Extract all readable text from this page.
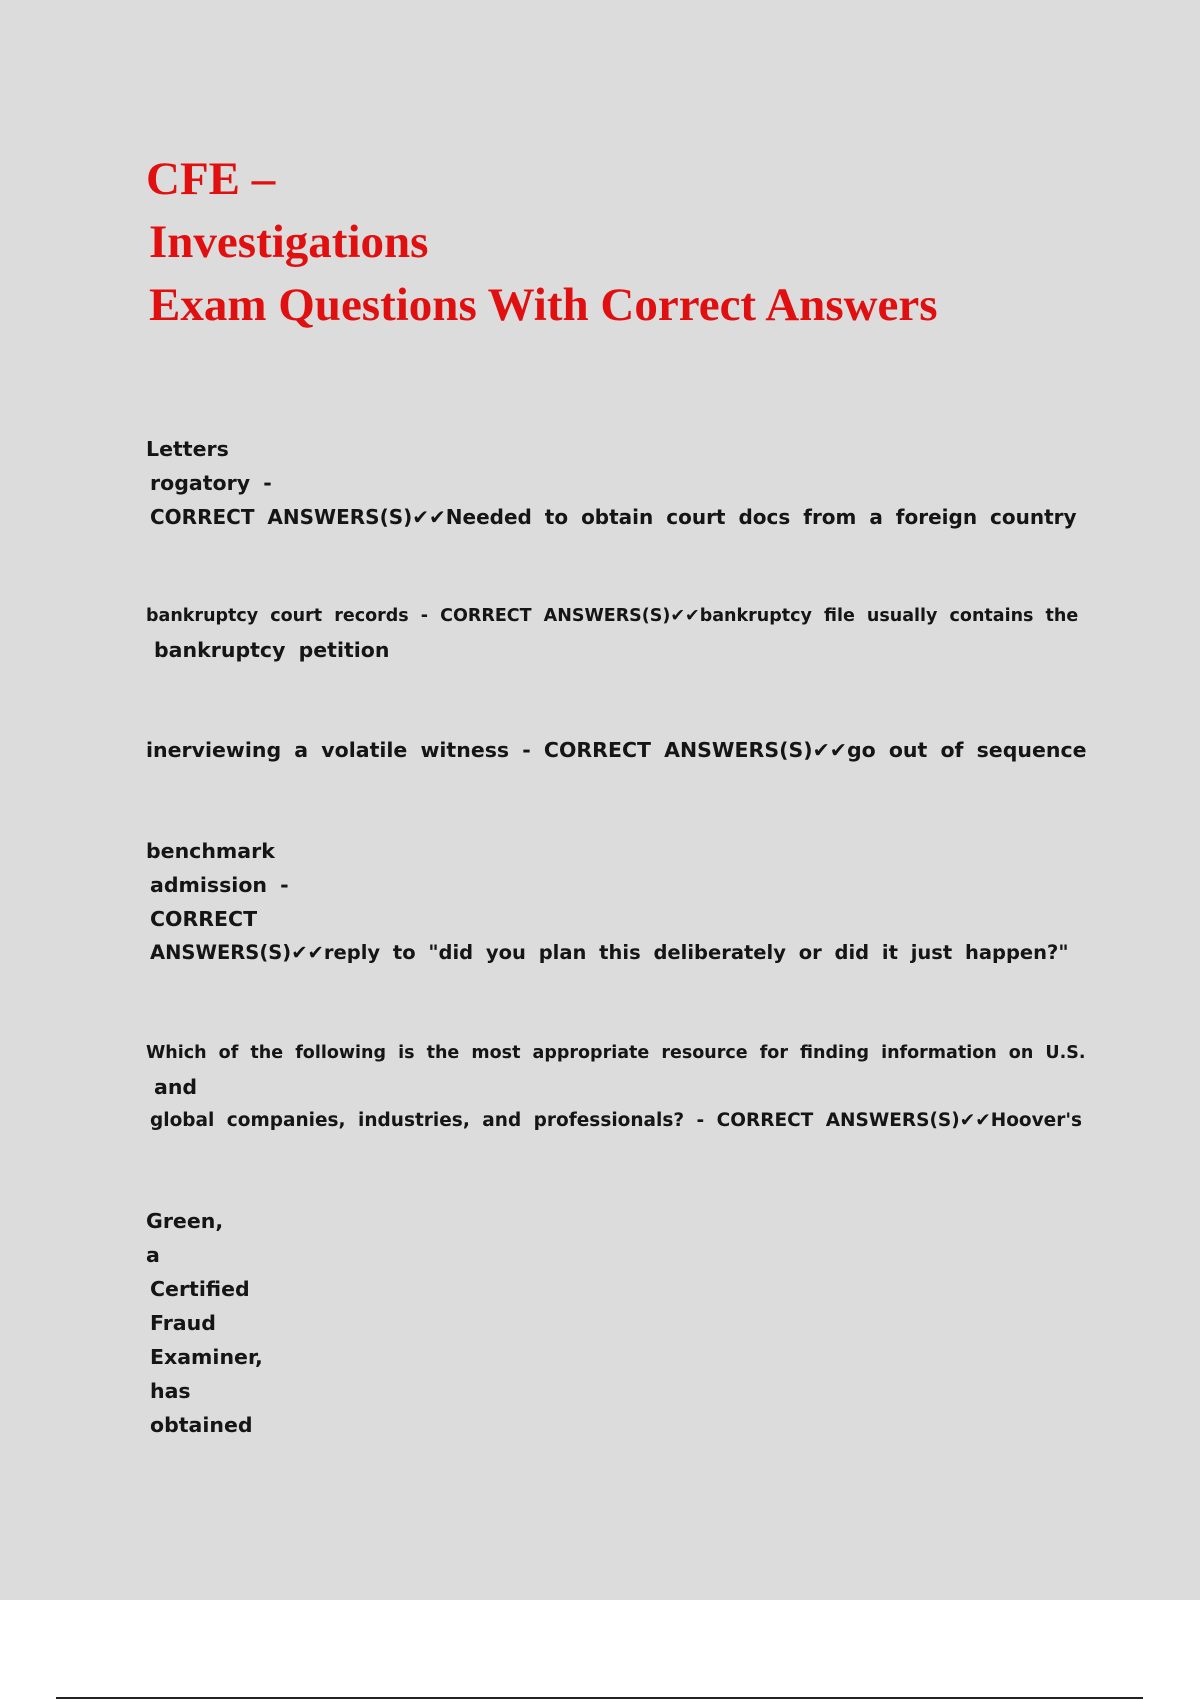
CFE –
Investigations
Exam Questions With Correct Answers

Letters
rogatory -
CORRECT ANSWERS(S)✔✔Needed to obtain court docs from a foreign country

bankruptcy court records - CORRECT ANSWERS(S)✔✔bankruptcy file usually contains the
bankruptcy petition

inerviewing a volatile witness - CORRECT ANSWERS(S)✔✔go out of sequence

benchmark
admission -
CORRECT
ANSWERS(S)✔✔reply to "did you plan this deliberately or did it just happen?"

Which of the following is the most appropriate resource for finding information on U.S.
and
global companies, industries, and professionals? - CORRECT ANSWERS(S)✔✔Hoover's

Green,
a
Certified
Fraud
Examiner,
has
obtained
